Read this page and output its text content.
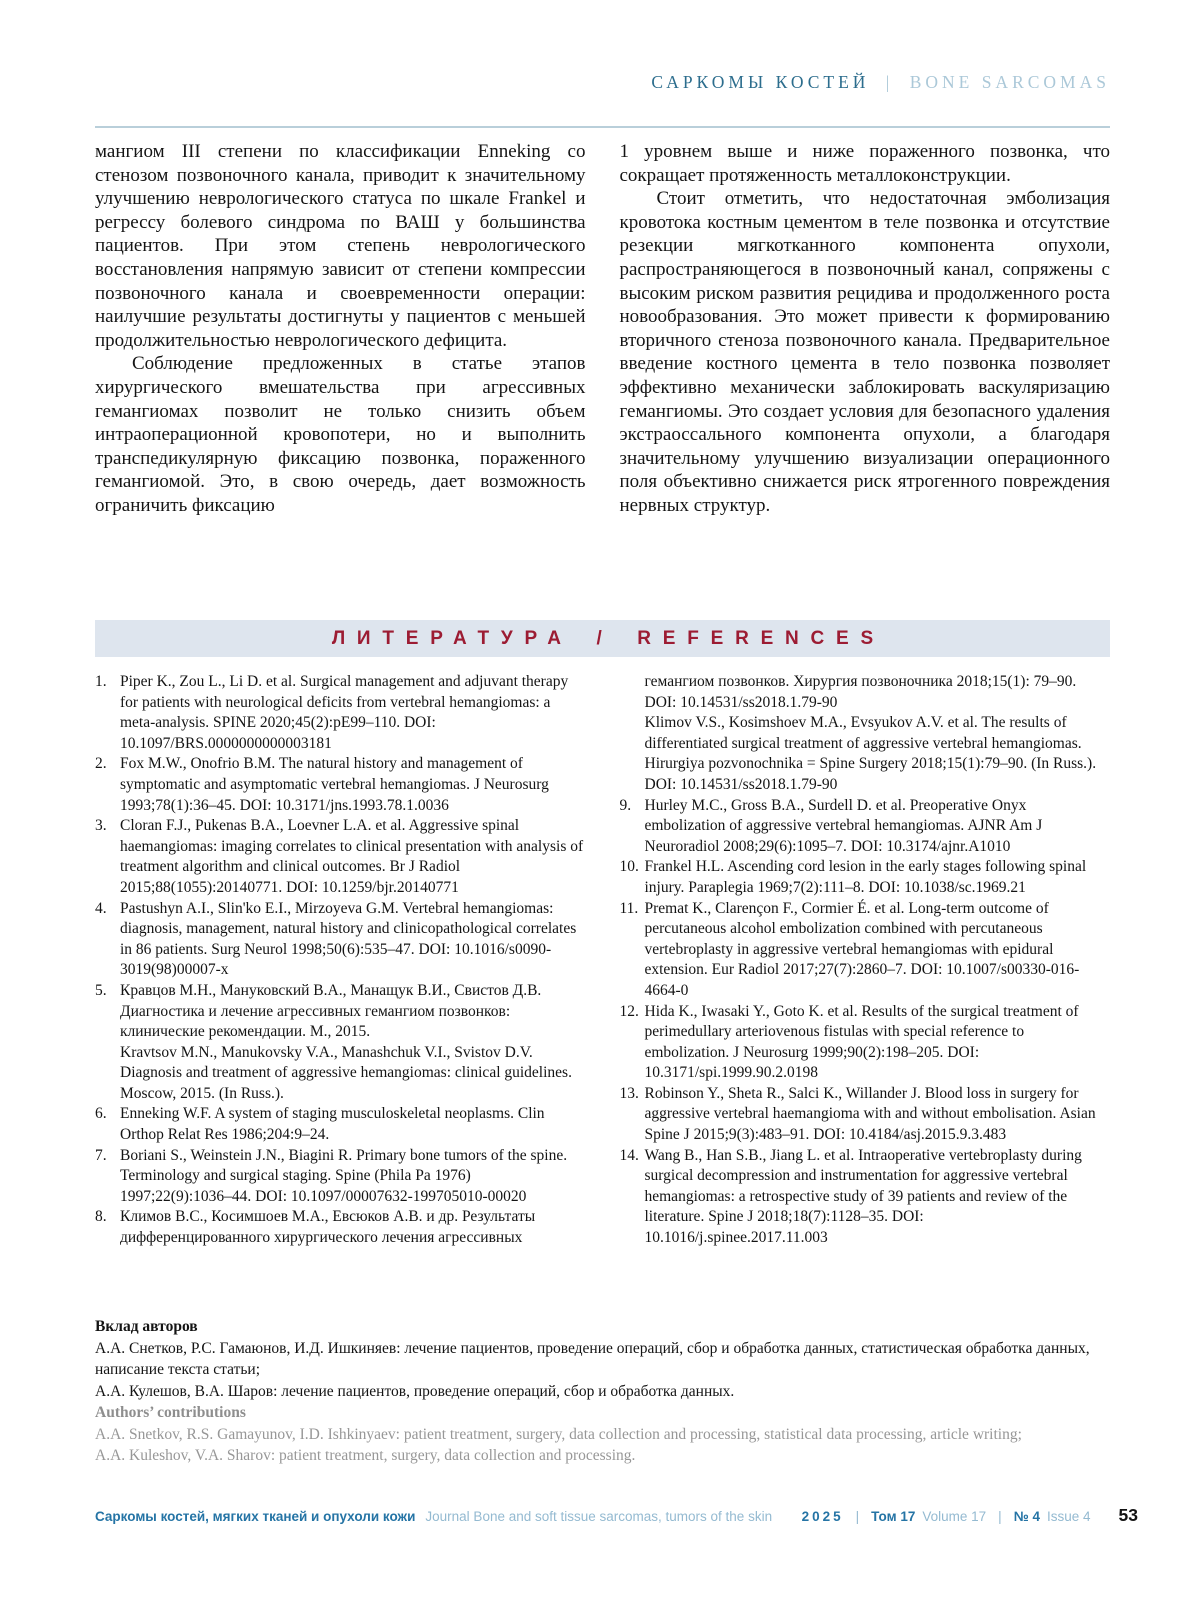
САРКОМЫ КОСТЕЙ | BONE SARCOMAS

мангиом III степени по классификации Enneking со стенозом позвоночного канала, приводит к значительному улучшению неврологического статуса по шкале Frankel и регрессу болевого синдрома по ВАШ у большинства пациентов. При этом степень неврологического восстановления напрямую зависит от степени компрессии позвоночного канала и своевременности операции: наилучшие результаты достигнуты у пациентов с меньшей продолжительностью неврологического дефицита.

Соблюдение предложенных в статье этапов хирургического вмешательства при агрессивных гемангиомах позволит не только снизить объем интраоперационной кровопотери, но и выполнить транспедикулярную фиксацию позвонка, пораженного гемангиомой. Это, в свою очередь, дает возможность ограничить фиксацию

1 уровнем выше и ниже пораженного позвонка, что сокращает протяженность металлоконструкции.

Стоит отметить, что недостаточная эмболизация кровотока костным цементом в теле позвонка и отсутствие резекции мягкотканного компонента опухоли, распространяющегося в позвоночный канал, сопряжены с высоким риском развития рецидива и продолженного роста новообразования. Это может привести к формированию вторичного стеноза позвоночного канала. Предварительное введение костного цемента в тело позвонка позволяет эффективно механически заблокировать васкуляризацию гемангиомы. Это создает условия для безопасного удаления экстраоссального компонента опухоли, а благодаря значительному улучшению визуализации операционного поля объективно снижается риск ятрогенного повреждения нервных структур.

ЛИТЕРАТУРА / REFERENCES
1. Piper K., Zou L., Li D. et al. Surgical management and adjuvant therapy for patients with neurological deficits from vertebral hemangiomas: a meta-analysis. SPINE 2020;45(2):pE99–110. DOI: 10.1097/BRS.0000000000003181
2. Fox M.W., Onofrio B.M. The natural history and management of symptomatic and asymptomatic vertebral hemangiomas. J Neurosurg 1993;78(1):36–45. DOI: 10.3171/jns.1993.78.1.0036
3. Cloran F.J., Pukenas B.A., Loevner L.A. et al. Aggressive spinal haemangiomas: imaging correlates to clinical presentation with analysis of treatment algorithm and clinical outcomes. Br J Radiol 2015;88(1055):20140771. DOI: 10.1259/bjr.20140771
4. Pastushyn A.I., Slin'ko E.I., Mirzoyeva G.M. Vertebral hemangiomas: diagnosis, management, natural history and clinicopathological correlates in 86 patients. Surg Neurol 1998;50(6):535–47. DOI: 10.1016/s0090-3019(98)00007-x
5. Кравцов М.Н., Мануковский В.А., Манащук В.И., Свистов Д.В. Диагностика и лечение агрессивных гемангиом позвонков: клинические рекомендации. М., 2015.
Kravtsov M.N., Manukovsky V.A., Manashchuk V.I., Svistov D.V. Diagnosis and treatment of aggressive hemangiomas: clinical guidelines. Moscow, 2015. (In Russ.).
6. Enneking W.F. A system of staging musculoskeletal neoplasms. Clin Orthop Relat Res 1986;204:9–24.
7. Boriani S., Weinstein J.N., Biagini R. Primary bone tumors of the spine. Terminology and surgical staging. Spine (Phila Pa 1976) 1997;22(9):1036–44. DOI: 10.1097/00007632-199705010-00020
8. Климов В.С., Косимшоев М.А., Евсюков А.В. и др. Результаты дифференцированного хирургического лечения агрессивных
гемангиом позвонков. Хирургия позвоночника 2018;15(1): 79–90. DOI: 10.14531/ss2018.1.79-90
Klimov V.S., Kosimshoev M.A., Evsyukov A.V. et al. The results of differentiated surgical treatment of aggressive vertebral hemangiomas. Hirurgiya pozvonochnika = Spine Surgery 2018;15(1):79–90. (In Russ.). DOI: 10.14531/ss2018.1.79-90
9. Hurley M.C., Gross B.A., Surdell D. et al. Preoperative Onyx embolization of aggressive vertebral hemangiomas. AJNR Am J Neuroradiol 2008;29(6):1095–7. DOI: 10.3174/ajnr.A1010
10. Frankel H.L. Ascending cord lesion in the early stages following spinal injury. Paraplegia 1969;7(2):111–8. DOI: 10.1038/sc.1969.21
11. Premat K., Clarençon F., Cormier É. et al. Long-term outcome of percutaneous alcohol embolization combined with percutaneous vertebroplasty in aggressive vertebral hemangiomas with epidural extension. Eur Radiol 2017;27(7):2860–7. DOI: 10.1007/s00330-016-4664-0
12. Hida K., Iwasaki Y., Goto K. et al. Results of the surgical treatment of perimedullary arteriovenous fistulas with special reference to embolization. J Neurosurg 1999;90(2):198–205. DOI: 10.3171/spi.1999.90.2.0198
13. Robinson Y., Sheta R., Salci K., Willander J. Blood loss in surgery for aggressive vertebral haemangioma with and without embolisation. Asian Spine J 2015;9(3):483–91. DOI: 10.4184/asj.2015.9.3.483
14. Wang B., Han S.B., Jiang L. et al. Intraoperative vertebroplasty during surgical decompression and instrumentation for aggressive vertebral hemangiomas: a retrospective study of 39 patients and review of the literature. Spine J 2018;18(7):1128–35. DOI: 10.1016/j.spinee.2017.11.003
Вклад авторов
А.А. Снетков, Р.С. Гамаюнов, И.Д. Ишкиняев: лечение пациентов, проведение операций, сбор и обработка данных, статистическая обработка данных, написание текста статьи;
А.А. Кулешов, В.А. Шаров: лечение пациентов, проведение операций, сбор и обработка данных.
Authors’ contributions
A.A. Snetkov, R.S. Gamayunov, I.D. Ishkinyaev: patient treatment, surgery, data collection and processing, statistical data processing, article writing;
A.A. Kuleshov, V.A. Sharov: patient treatment, surgery, data collection and processing.
Саркомы костей, мягких тканей и опухоли кожи Journal Bone and soft tissue sarcomas, tumors of the skin 2025 | Том 17 Volume 17 | № 4 Issue 4 53
